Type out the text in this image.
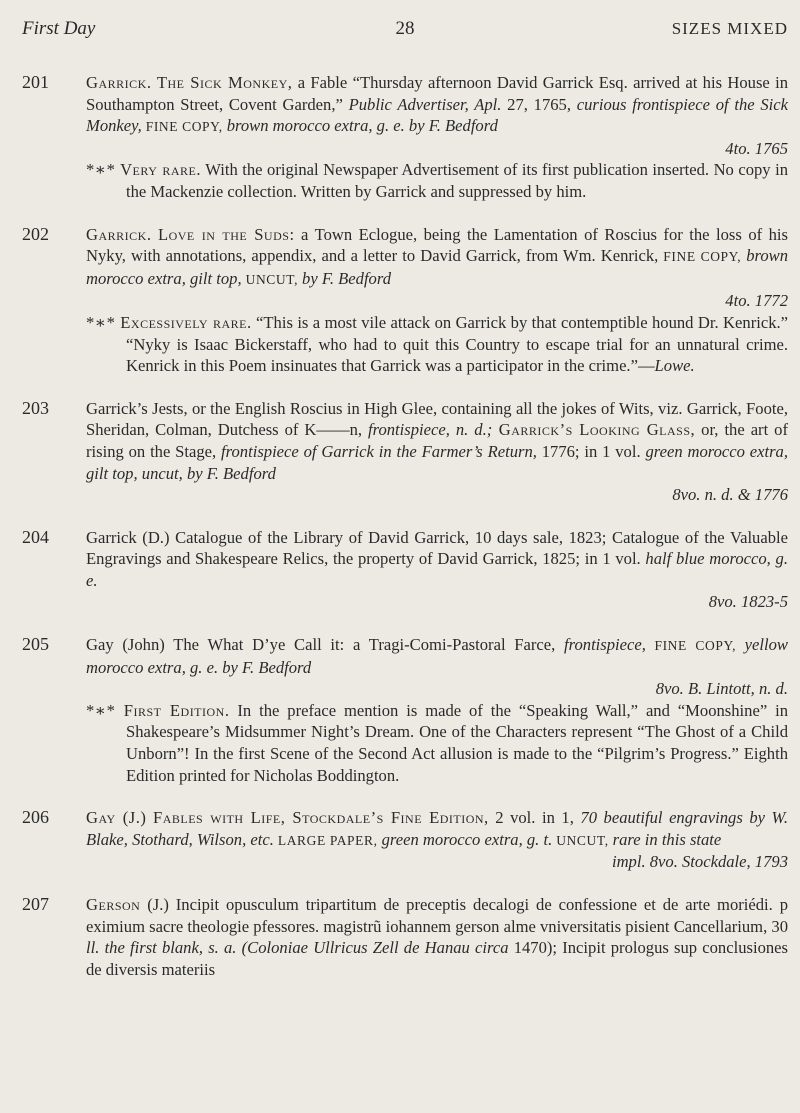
First Day	28	SIZES MIXED
201 Garrick. The Sick Monkey, a Fable “Thursday afternoon David Garrick Esq. arrived at his House in Southampton Street, Covent Garden,” Public Advertiser, Apl. 27, 1765, curious frontispiece of the Sick Monkey, FINE COPY, brown morocco extra, g. e. by F. Bedford
4to. 1765
*∗* Very rare. With the original Newspaper Advertisement of its first publication inserted. No copy in the Mackenzie collection. Written by Garrick and suppressed by him.
202 Garrick. Love in the Suds: a Town Eclogue, being the Lamentation of Roscius for the loss of his Nyky, with annotations, appendix, and a letter to David Garrick, from Wm. Kenrick, FINE COPY, brown morocco extra, gilt top, UNCUT, by F. Bedford
4to. 1772
*∗* Excessively rare. “This is a most vile attack on Garrick by that contemptible hound Dr. Kenrick.” “Nyky is Isaac Bickerstaff, who had to quit this Country to escape trial for an unnatural crime. Kenrick in this Poem insinuates that Garrick was a participator in the crime.”—Lowe.
203 Garrick’s Jests, or the English Roscius in High Glee, containing all the jokes of Wits, viz. Garrick, Foote, Sheridan, Colman, Dutchess of K——n, frontispiece, n. d.; Garrick’s Looking Glass, or, the art of rising on the Stage, frontispiece of Garrick in the Farmer’s Return, 1776; in 1 vol. green morocco extra, gilt top, uncut, by F. Bedford
8vo. n. d. & 1776
204 Garrick (D.) Catalogue of the Library of David Garrick, 10 days sale, 1823; Catalogue of the Valuable Engravings and Shakespeare Relics, the property of David Garrick, 1825; in 1 vol. half blue morocco, g. e.
8vo. 1823-5
205 Gay (John) The What D’ye Call it: a Tragi-Comi-Pastoral Farce, frontispiece, FINE COPY, yellow morocco extra, g. e. by F. Bedford
8vo. B. Lintott, n. d.
*∗* First Edition. In the preface mention is made of the “Speaking Wall,” and “Moonshine” in Shakespeare’s Midsummer Night’s Dream. One of the Characters represent “The Ghost of a Child Unborn”! In the first Scene of the Second Act allusion is made to the “Pilgrim’s Progress.” Eighth Edition printed for Nicholas Boddington.
206 Gay (J.) Fables with Life, Stockdale’s Fine Edition, 2 vol. in 1, 70 beautiful engravings by W. Blake, Stothard, Wilson, etc. LARGE PAPER, green morocco extra, g. t. UNCUT, rare in this state
impl. 8vo. Stockdale, 1793
207 Gerson (J.) Incipit opusculum tripartitum de preceptis decalogi de confessione et de arte moriédi. p eximium sacre theologie pfessores. magistrũ iohannem gerson alme vniversitatis pisient Cancellarium, 30 ll. the first blank, s. a. (Coloniae Ullricus Zell de Hanau circa 1470); Incipit prologus sup conclusiones de diversis materiis
